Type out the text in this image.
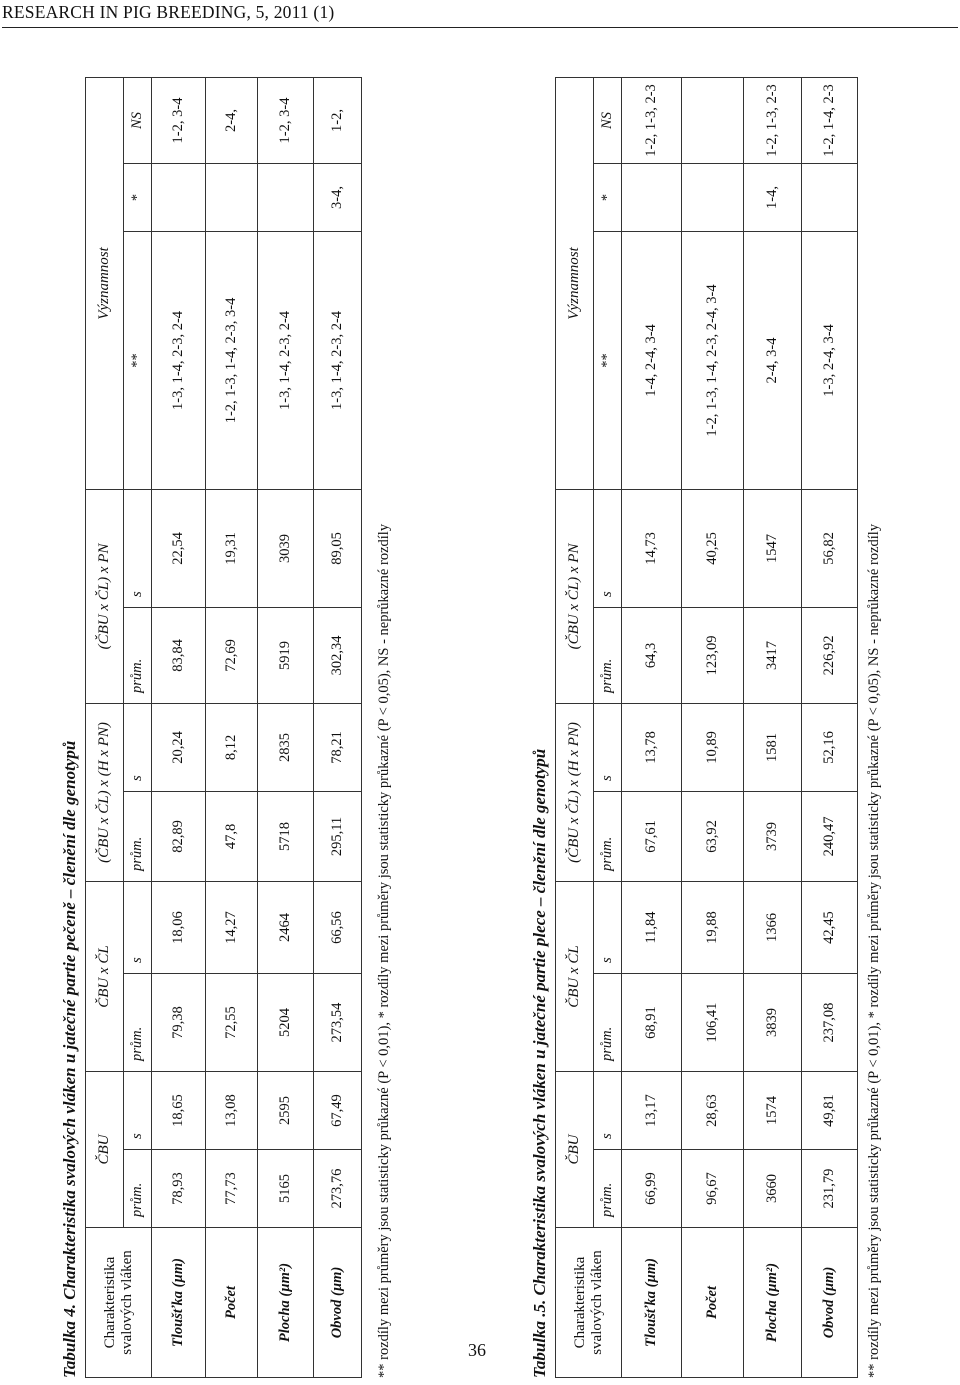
RESEARCH IN PIG BREEDING, 5, 2011 (1)
Tabulka 4. Charakteristika svalových vláken u jatečné partie pečeně – členění dle genotypů	Charakteristika svalových vláken	ČBU		ČBU x ČL		(ČBU x ČL) x (H x PN)		(ČBU x ČL) x PN		Významnost		
	prům.	s	prům.	s	prům.	s	prům.	s	**	*	NS
Tloušťka (µm)	78,93	18,65	79,38	18,06	82,89	20,24	83,84	22,54	1-3, 1-4, 2-3, 2-4		1-2, 3-4
Počet	77,73	13,08	72,55	14,27	47,8	8,12	72,69	19,31	1-2, 1-3, 1-4, 2-3, 3-4		2-4,
Plocha (µm²)	5165	2595	5204	2464	5718	2835	5919	3039	1-3, 1-4, 2-3, 2-4		1-2, 3-4
Obvod (µm)	273,76	67,49	273,54	66,56	295,11	78,21	302,34	89,05	1-3, 1-4, 2-3, 2-4	3-4,	1-2,
** rozdíly mezi průměry jsou statisticky průkazné (P < 0,01), * rozdíly mezi průměry jsou statisticky průkazné (P < 0,05), NS - neprůkazné rozdíly	Tabulka .5. Charakteristika svalových vláken u jatečné partie plece – členění dle genotypů	Charakteristika svalových vláken	ČBU		ČBU x ČL		(ČBU x ČL) x (H x PN)		(ČBU x ČL) x PN		Významnost		
	prům.	s	prům.	s	prům.	s	prům.	s	**	*	NS
Tloušťka (µm)	66,99	13,17	68,91	11,84	67,61	13,78	64,3	14,73	1-4, 2-4, 3-4		1-2, 1-3, 2-3
Počet	96,67	28,63	106,41	19,88	63,92	10,89	123,09	40,25	1-2, 1-3, 1-4, 2-3, 2-4, 3-4		
Plocha (µm²)	3660	1574	3839	1366	3739	1581	3417	1547	2-4, 3-4	1-4,	1-2, 1-3, 2-3
Obvod (µm)	231,79	49,81	237,08	42,45	240,47	52,16	226,92	56,82	1-3, 2-4, 3-4		1-2, 1-4, 2-3
** rozdíly mezi průměry jsou statisticky průkazné (P < 0,01), * rozdíly mezi průměry jsou statisticky průkazné (P < 0,05), NS - neprůkazné rozdíly
36
